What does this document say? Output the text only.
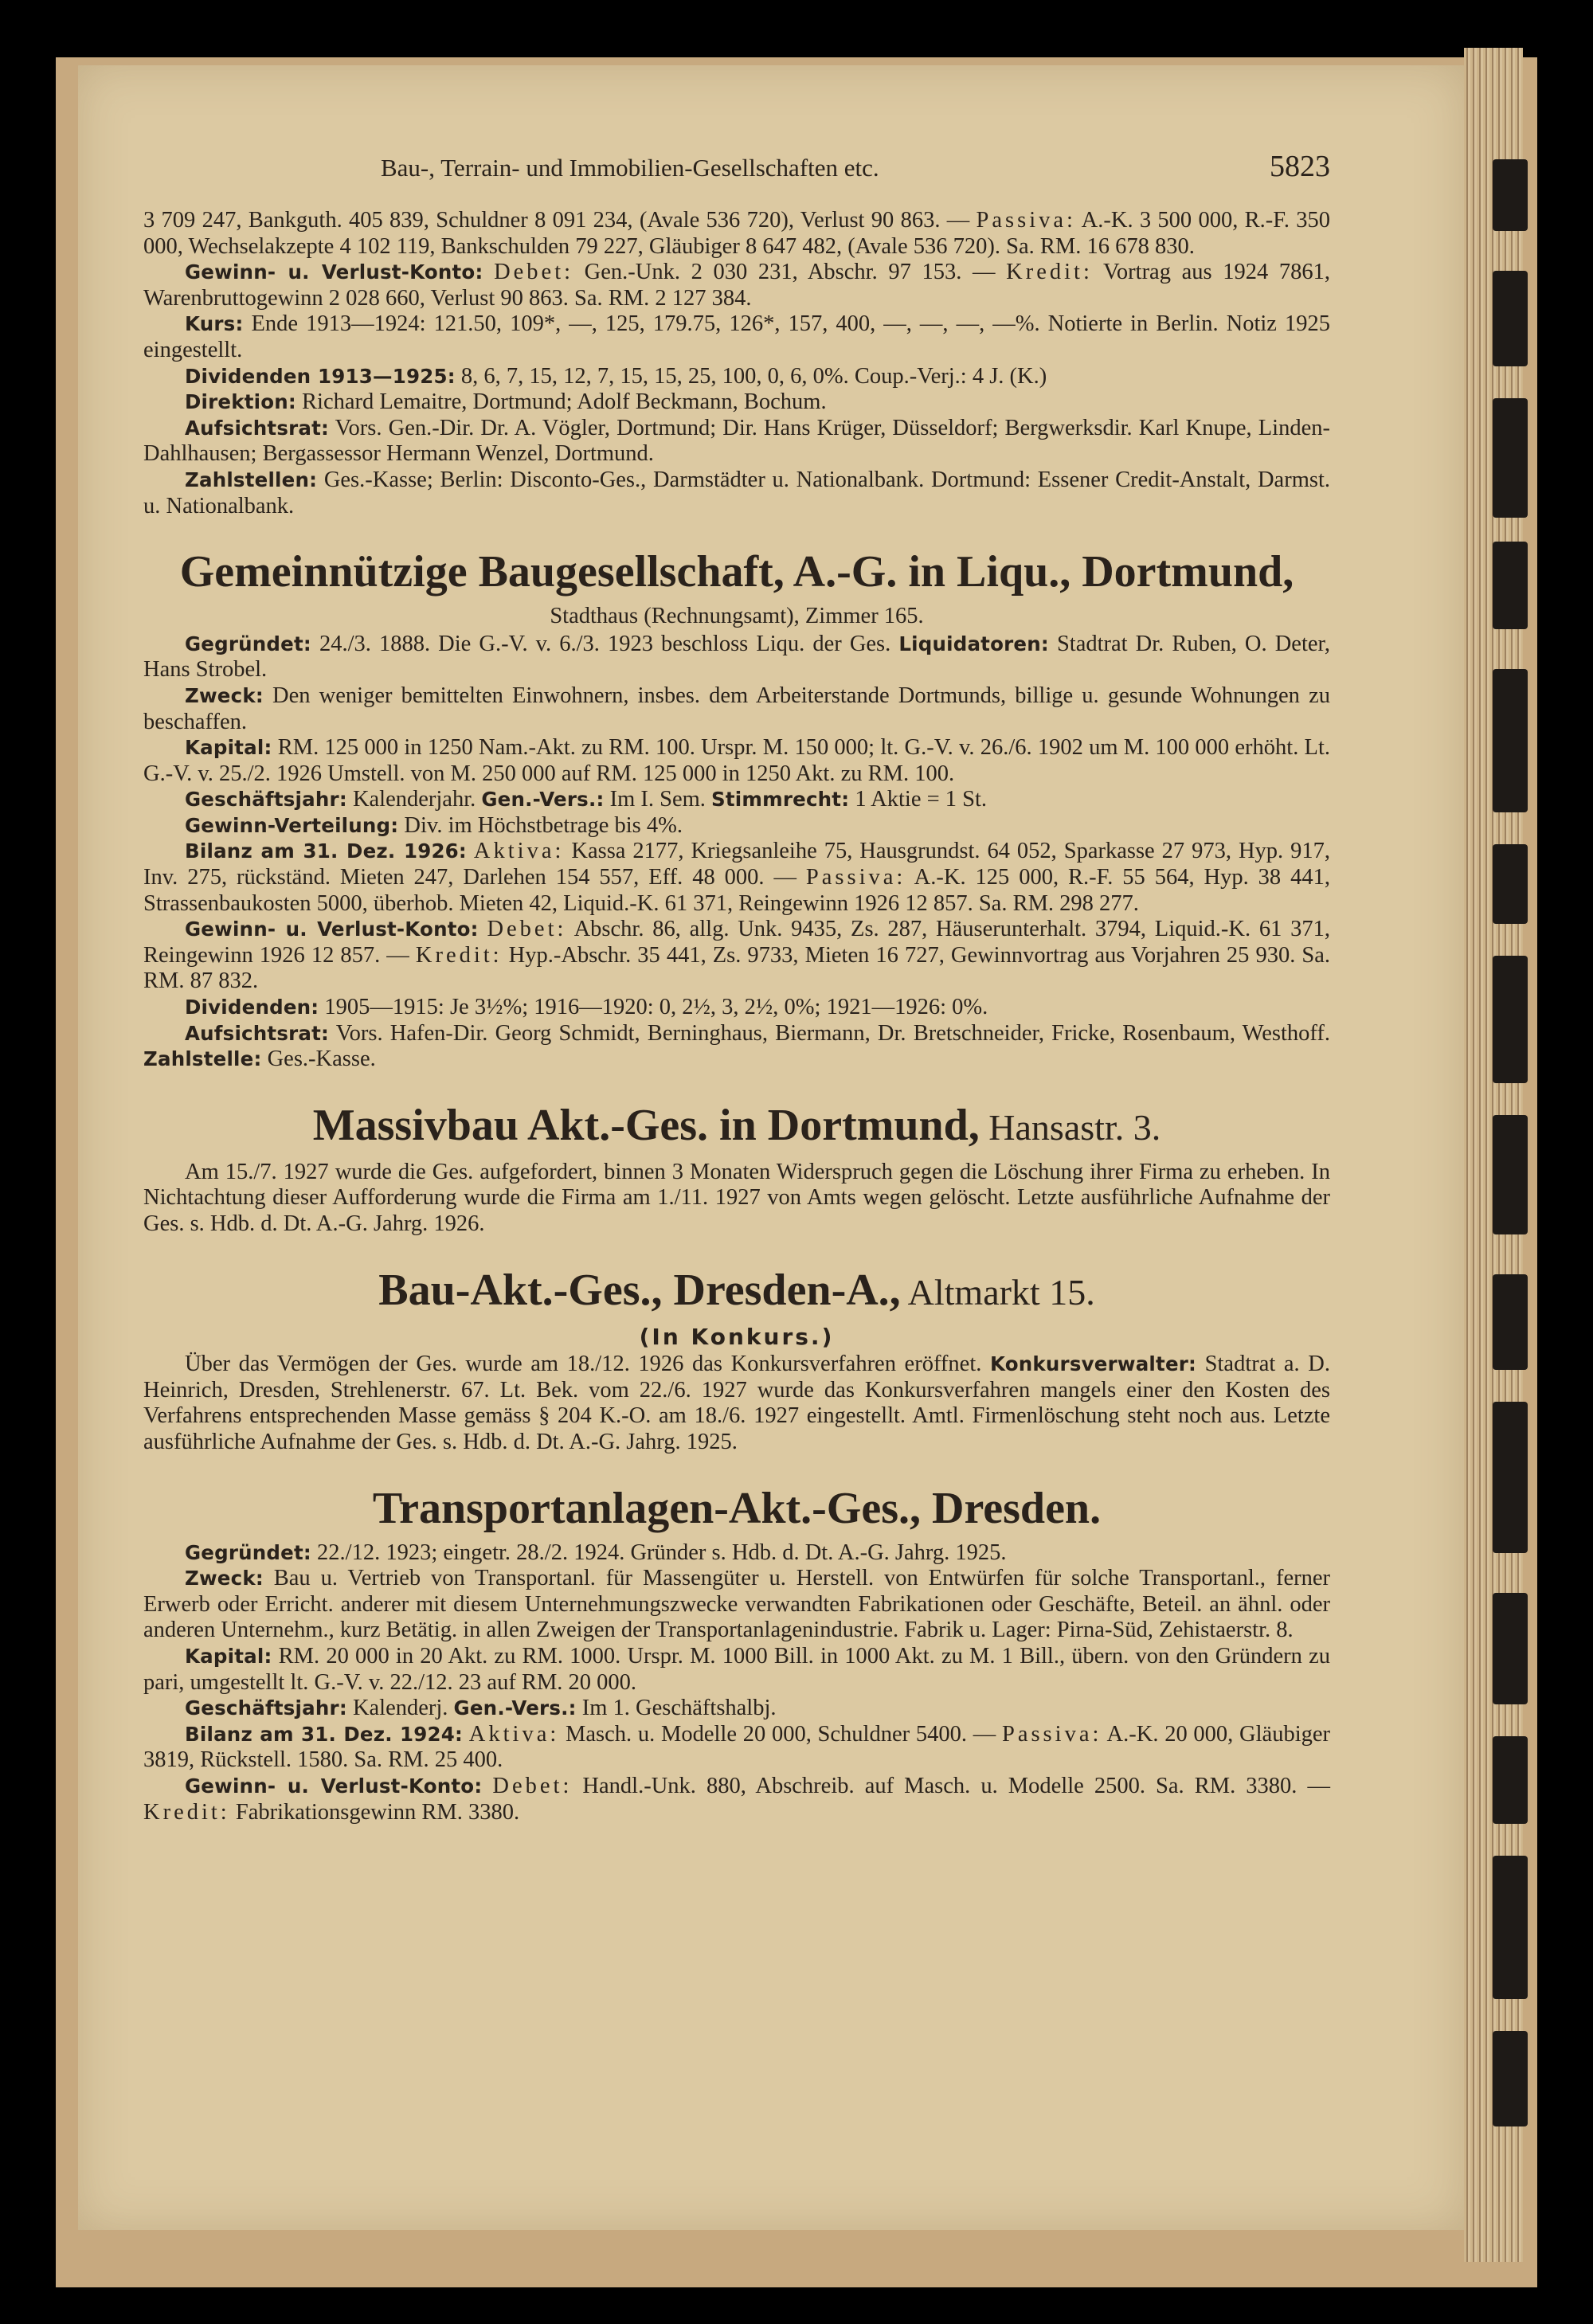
Bau-, Terrain- und Immobilien-Gesellschaften etc.	5823

3 709 247, Bankguth. 405 839, Schuldner 8 091 234, (Avale 536 720), Verlust 90 863. — Passiva: A.-K. 3 500 000, R.-F. 350 000, Wechselakzepte 4 102 119, Bankschulden 79 227, Gläubiger 8 647 482, (Avale 536 720). Sa. RM. 16 678 830.

Gewinn- u. Verlust-Konto: Debet: Gen.-Unk. 2 030 231, Abschr. 97 153. — Kredit: Vortrag aus 1924 7861, Warenbruttogewinn 2 028 660, Verlust 90 863. Sa. RM. 2 127 384.

Kurs: Ende 1913—1924: 121.50, 109*, —, 125, 179.75, 126*, 157, 400, —, —, —, —%. Notierte in Berlin. Notiz 1925 eingestellt.

Dividenden 1913—1925: 8, 6, 7, 15, 12, 7, 15, 15, 25, 100, 0, 6, 0%. Coup.-Verj.: 4 J. (K.)

Direktion: Richard Lemaitre, Dortmund; Adolf Beckmann, Bochum.

Aufsichtsrat: Vors. Gen.-Dir. Dr. A. Vögler, Dortmund; Dir. Hans Krüger, Düsseldorf; Bergwerksdir. Karl Knupe, Linden-Dahlhausen; Bergassessor Hermann Wenzel, Dortmund.

Zahlstellen: Ges.-Kasse; Berlin: Disconto-Ges., Darmstädter u. Nationalbank. Dortmund: Essener Credit-Anstalt, Darmst. u. Nationalbank.

Gemeinnützige Baugesellschaft, A.-G. in Liqu., Dortmund,
Stadthaus (Rechnungsamt), Zimmer 165.

Gegründet: 24./3. 1888. Die G.-V. v. 6./3. 1923 beschloss Liqu. der Ges. Liquidatoren: Stadtrat Dr. Ruben, O. Deter, Hans Strobel.

Zweck: Den weniger bemittelten Einwohnern, insbes. dem Arbeiterstande Dortmunds, billige u. gesunde Wohnungen zu beschaffen.

Kapital: RM. 125 000 in 1250 Nam.-Akt. zu RM. 100. Urspr. M. 150 000; lt. G.-V. v. 26./6. 1902 um M. 100 000 erhöht. Lt. G.-V. v. 25./2. 1926 Umstell. von M. 250 000 auf RM. 125 000 in 1250 Akt. zu RM. 100.

Geschäftsjahr: Kalenderjahr. Gen.-Vers.: Im I. Sem. Stimmrecht: 1 Aktie = 1 St.

Gewinn-Verteilung: Div. im Höchstbetrage bis 4%.

Bilanz am 31. Dez. 1926: Aktiva: Kassa 2177, Kriegsanleihe 75, Hausgrundst. 64 052, Sparkasse 27 973, Hyp. 917, Inv. 275, rückständ. Mieten 247, Darlehen 154 557, Eff. 48 000. — Passiva: A.-K. 125 000, R.-F. 55 564, Hyp. 38 441, Strassenbaukosten 5000, überhob. Mieten 42, Liquid.-K. 61 371, Reingewinn 1926 12 857. Sa. RM. 298 277.

Gewinn- u. Verlust-Konto: Debet: Abschr. 86, allg. Unk. 9435, Zs. 287, Häuserunterhalt. 3794, Liquid.-K. 61 371, Reingewinn 1926 12 857. — Kredit: Hyp.-Abschr. 35 441, Zs. 9733, Mieten 16 727, Gewinnvortrag aus Vorjahren 25 930. Sa. RM. 87 832.

Dividenden: 1905—1915: Je 3½%; 1916—1920: 0, 2½, 3, 2½, 0%; 1921—1926: 0%.

Aufsichtsrat: Vors. Hafen-Dir. Georg Schmidt, Berninghaus, Biermann, Dr. Bretschneider, Fricke, Rosenbaum, Westhoff. Zahlstelle: Ges.-Kasse.

Massivbau Akt.-Ges. in Dortmund, Hansastr. 3.

Am 15./7. 1927 wurde die Ges. aufgefordert, binnen 3 Monaten Widerspruch gegen die Löschung ihrer Firma zu erheben. In Nichtachtung dieser Aufforderung wurde die Firma am 1./11. 1927 von Amts wegen gelöscht. Letzte ausführliche Aufnahme der Ges. s. Hdb. d. Dt. A.-G. Jahrg. 1926.

Bau-Akt.-Ges., Dresden-A., Altmarkt 15.
(In Konkurs.)

Über das Vermögen der Ges. wurde am 18./12. 1926 das Konkursverfahren eröffnet. Konkursverwalter: Stadtrat a. D. Heinrich, Dresden, Strehlenerstr. 67. Lt. Bek. vom 22./6. 1927 wurde das Konkursverfahren mangels einer den Kosten des Verfahrens entsprechenden Masse gemäss § 204 K.-O. am 18./6. 1927 eingestellt. Amtl. Firmenlöschung steht noch aus. Letzte ausführliche Aufnahme der Ges. s. Hdb. d. Dt. A.-G. Jahrg. 1925.

Transportanlagen-Akt.-Ges., Dresden.

Gegründet: 22./12. 1923; eingetr. 28./2. 1924. Gründer s. Hdb. d. Dt. A.-G. Jahrg. 1925.

Zweck: Bau u. Vertrieb von Transportanl. für Massengüter u. Herstell. von Entwürfen für solche Transportanl., ferner Erwerb oder Erricht. anderer mit diesem Unternehmungszwecke verwandten Fabrikationen oder Geschäfte, Beteil. an ähnl. oder anderen Unternehm., kurz Betätig. in allen Zweigen der Transportanlagenindustrie. Fabrik u. Lager: Pirna-Süd, Zehistaerstr. 8.

Kapital: RM. 20 000 in 20 Akt. zu RM. 1000. Urspr. M. 1000 Bill. in 1000 Akt. zu M. 1 Bill., übern. von den Gründern zu pari, umgestellt lt. G.-V. v. 22./12. 23 auf RM. 20 000.

Geschäftsjahr: Kalenderj. Gen.-Vers.: Im 1. Geschäftshalbj.

Bilanz am 31. Dez. 1924: Aktiva: Masch. u. Modelle 20 000, Schuldner 5400. — Passiva: A.-K. 20 000, Gläubiger 3819, Rückstell. 1580. Sa. RM. 25 400.

Gewinn- u. Verlust-Konto: Debet: Handl.-Unk. 880, Abschreib. auf Masch. u. Modelle 2500. Sa. RM. 3380. — Kredit: Fabrikationsgewinn RM. 3380.
